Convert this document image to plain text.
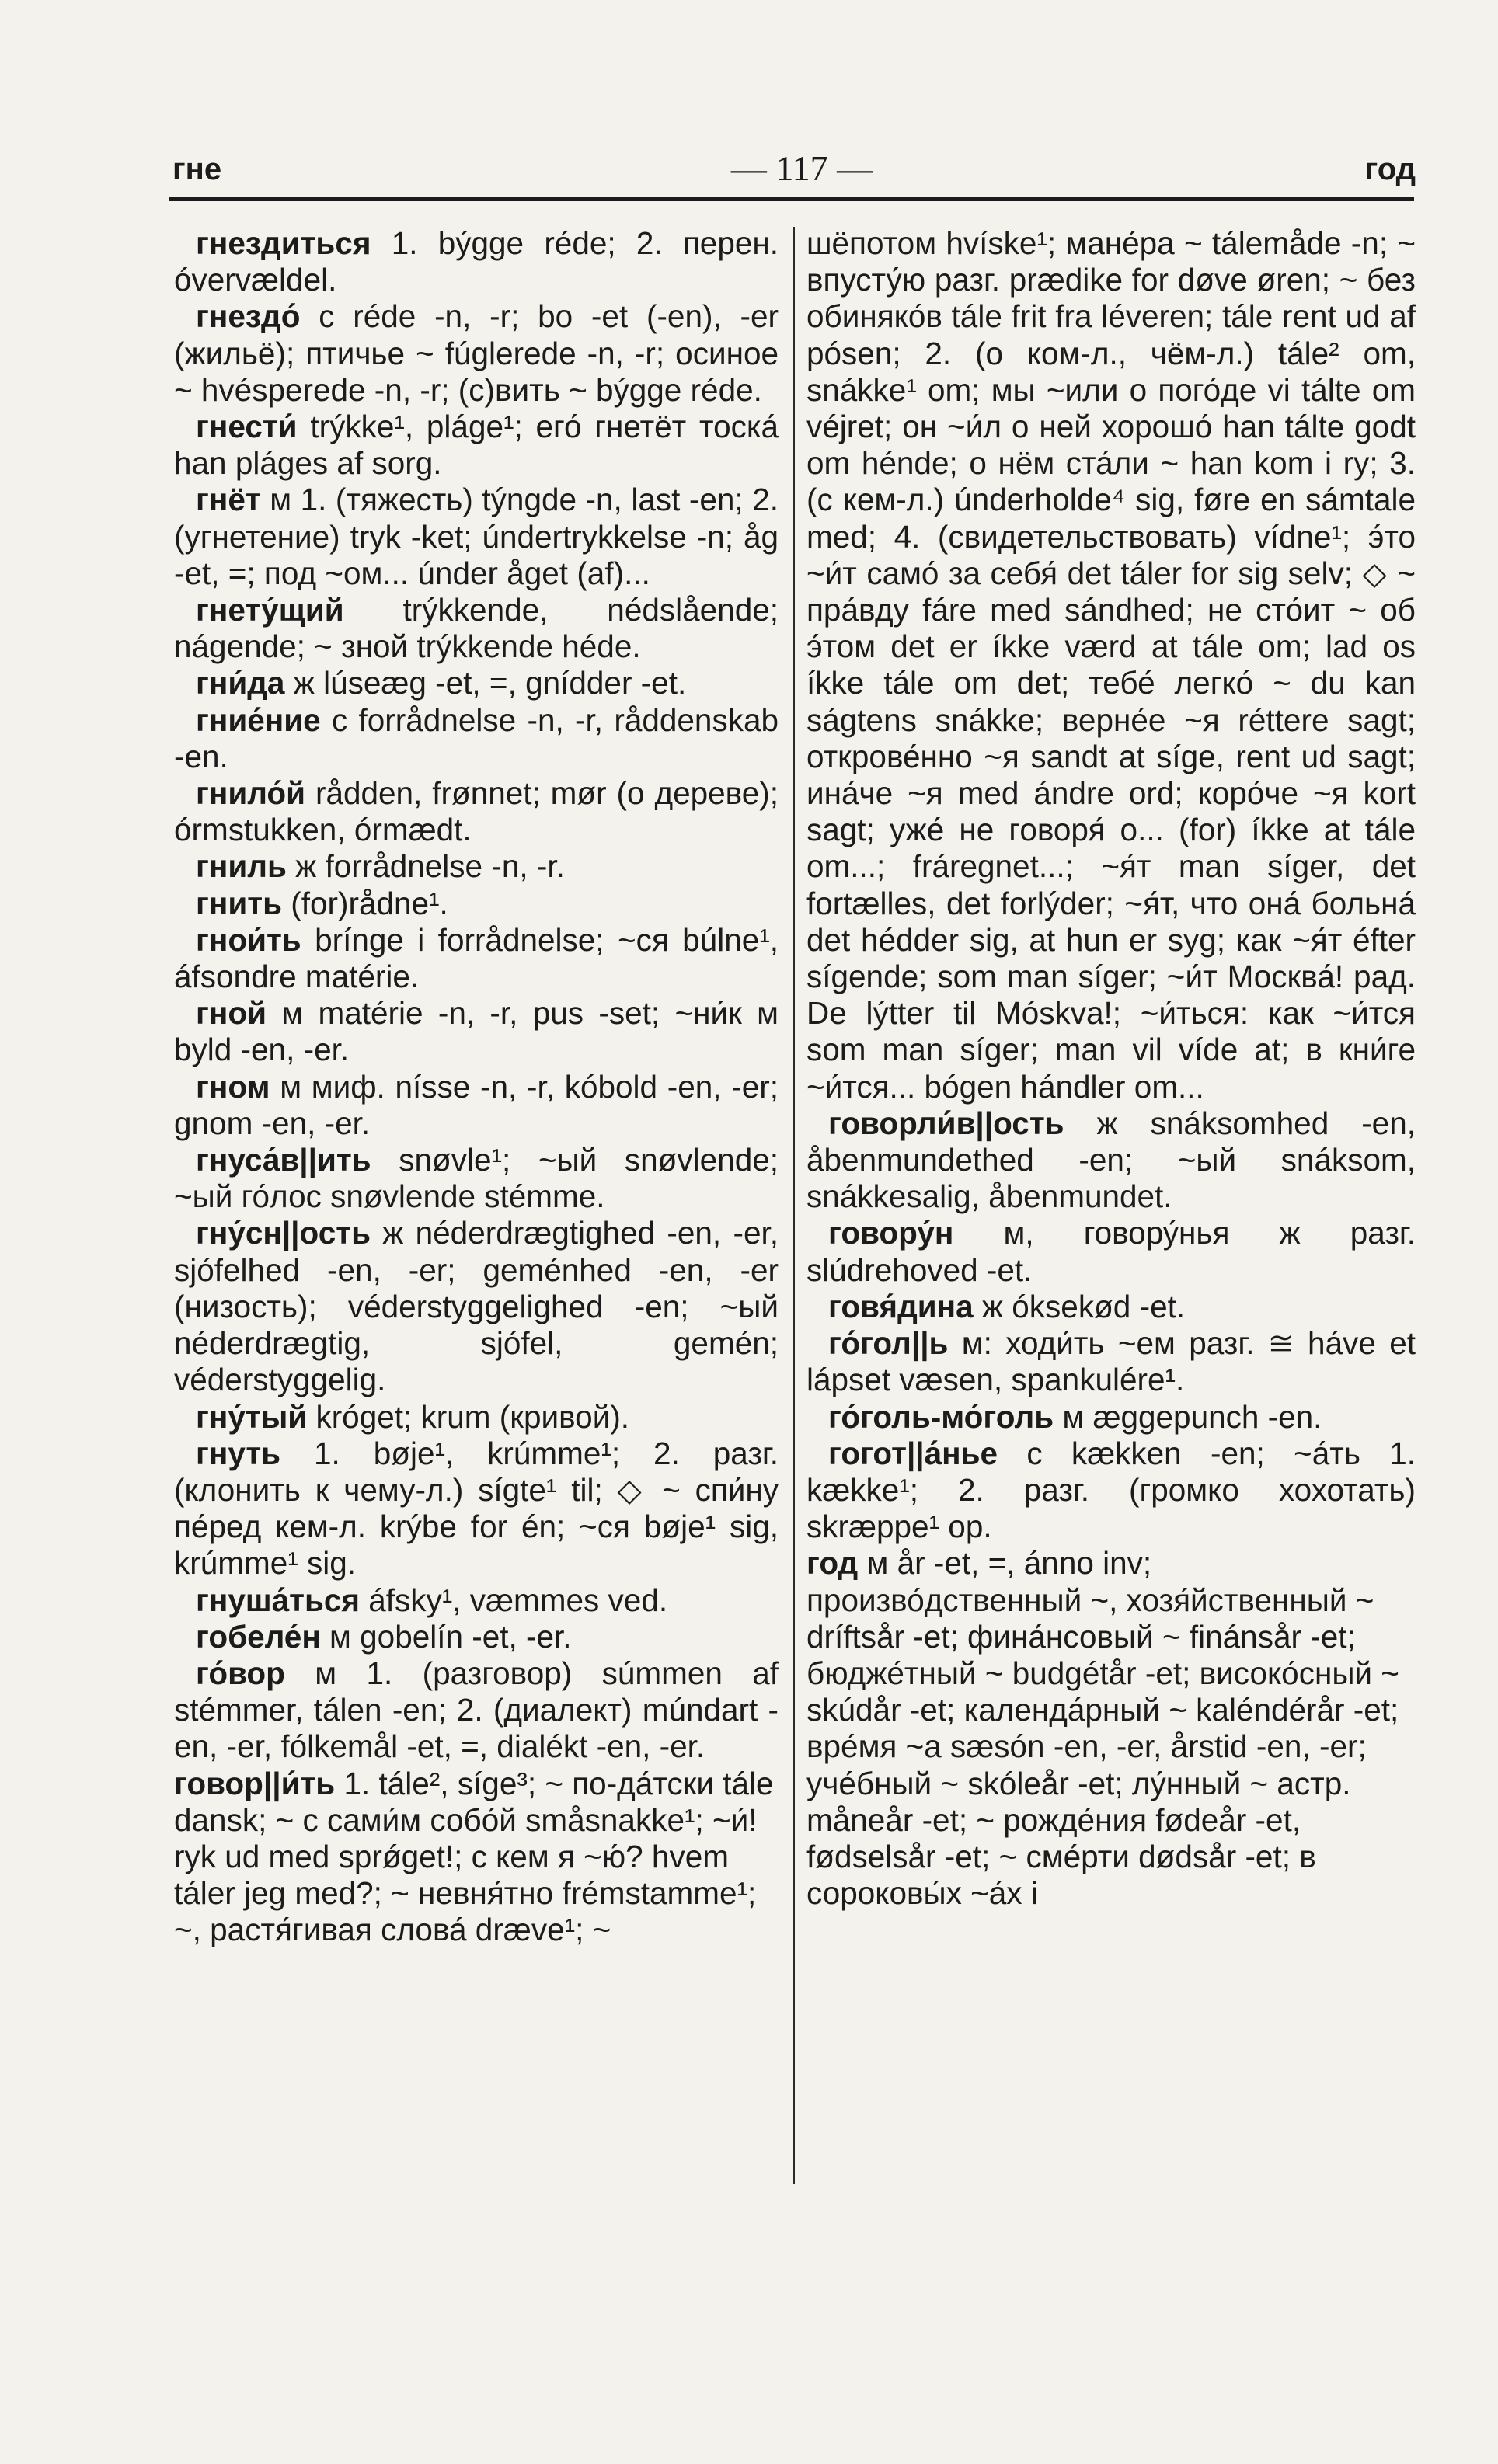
гне	— 117 —	год

гнездиться 1. býgge réde; 2. перен. óvervældel.

гнездо́ с réde -n, -r; bo -et (-en), -er (жильё); птичье ~ fúglerede -n, -r; осиное ~ hvésperede -n, -r; (с)вить ~ býgge réde.

гнести́ trýkke¹, pláge¹; его́ гнетёт тоска́ han pláges af sorg.

гнёт м 1. (тяжесть) týngde -n, last -en; 2. (угнетение) tryk -ket; úndertrykkelse -n; åg -et, =; под ~ом... únder åget (af)...

гнету́щий trýkkende, nédslående; nágende; ~ зной trýkkende héde.

гни́да ж lúseæg -et, =, gnídder -et.

гние́ние с forrådnelse -n, -r, råddenskab -en.

гнило́й rådden, frønnet; mør (о дереве); órmstukken, órmædt.

гниль ж forrådnelse -n, -r.

гнить (for)rådne¹.

гнои́ть brínge i forrådnelse; ~ся búlne¹, áfsondre matérie.

гной м matérie -n, -r, pus -set; ~ни́к м byld -en, -er.

гном м миф. nísse -n, -r, kóbold -en, -er; gnom -en, -er.

гнуса́в||ить snøvle¹; ~ый snøvlende; ~ый го́лос snøvlende stémme.

гну́сн||ость ж néderdrægtighed -en, -er, sjófelhed -en, -er; geménhed -en, -er (низость); véderstyggelighed -en; ~ый néderdrægtig, sjófel, gemén; véderstyggelig.

гну́тый króget; krum (кривой).

гнуть 1. bøje¹, krúmme¹; 2. разг. (клонить к чему-л.) sígte¹ til; ◇ ~ спи́ну пе́ред кем-л. krýbe for én; ~ся bøje¹ sig, krúmme¹ sig.

гнуша́ться áfsky¹, væmmes ved.

гобеле́н м gobelín -et, -er.

го́вор м 1. (разговор) súmmen af stémmer, tálen -en; 2. (диалект) múndart -en, -er, fólkemål -et, =, dialékt -en, -er.

говор||и́ть 1. tále², síge³; ~ по-да́тски tále dansk; ~ с сами́м собо́й småsnakke¹; ~и́! ryk ud med sprǿget!; с кем я ~ю́? hvem táler jeg med?; ~ невня́тно frémstamme¹; ~, растя́гивая слова́ dræve¹; ~

шёпотом hvíske¹; мане́ра ~ tálemåde -n; ~ впусту́ю разг. prædike for døve øren; ~ без обиняко́в tále frit fra léveren; tále rent ud af pósen; 2. (о ком-л., чём-л.) tále² om, snákke¹ om; мы ~или о пого́де vi tálte om véjret; он ~и́л о ней хорошо́ han tálte godt om hénde; о нём ста́ли ~ han kom i ry; 3. (с кем-л.) únderholde⁴ sig, føre en sámtale med; 4. (свидетельствовать) vídne¹; э́то ~и́т само́ за себя́ det táler for sig selv; ◇ ~ пра́вду fáre med sándhed; не сто́ит ~ об э́том det er íkke værd at tále om; lad os íkke tále om det; тебе́ легко́ ~ du kan ságtens snákke; верне́е ~я réttere sagt; открове́нно ~я sandt at síge, rent ud sagt; ина́че ~я med ándre ord; коро́че ~я kort sagt; уже́ не говоря́ о... (for) íkke at tále om...; fráregnet...; ~я́т man síger, det fortælles, det forlýder; ~я́т, что она́ больна́ det hédder sig, at hun er syg; как ~я́т éfter sígende; som man síger; ~и́т Москва́! рад. De lýtter til Móskva!; ~и́ться: как ~и́тся som man síger; man vil víde at; в кни́ге ~и́тся... bógen hándler om...

говорли́в||ость ж snáksomhed -en, åbenmundethed -en; ~ый snáksom, snákkesalig, åbenmundet.

говору́н м, говору́нья ж разг. slúdrehoved -et.

говя́дина ж óksekød -et.

го́гол||ь м: ходи́ть ~ем разг. ≅ háve et lápset væsen, spankulére¹.

го́голь-мо́голь м æggepunch -en.

гогот||а́нье с kækken -en; ~а́ть 1. kække¹; 2. разг. (громко хохотать) skræppe¹ op.

год м år -et, =, ánno inv; произво́дственный ~, хозя́йственный ~ dríftsår -et; фина́нсовый ~ finánsår -et; бюдже́тный ~ budgétår -et; високо́сный ~ skúdår -et; календа́рный ~ kaléndérår -et; вре́мя ~а sæsón -en, -er, årstid -en, -er; уче́бный ~ skóleår -et; лу́нный ~ астр. måneår -et; ~ рожде́ния fødeår -et, fødselsår -et; ~ сме́рти dødsår -et; в сороковы́х ~а́х i
